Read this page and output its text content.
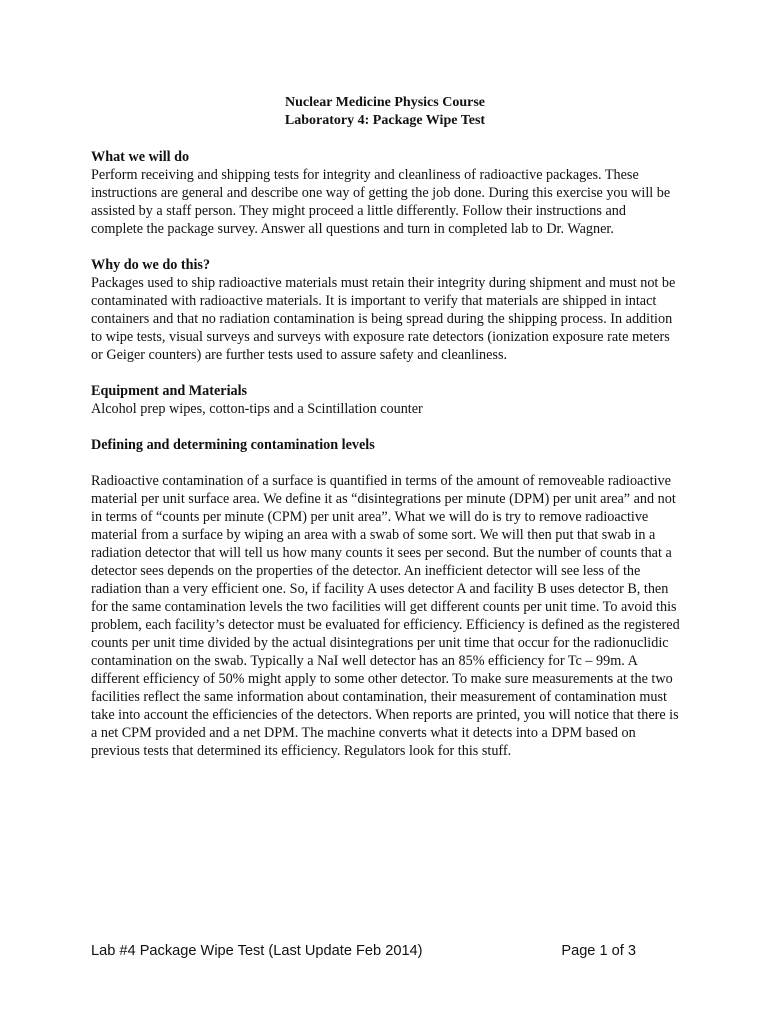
Nuclear Medicine Physics Course
Laboratory 4: Package Wipe Test

What we will do

Perform receiving and shipping tests for integrity and cleanliness of radioactive packages. These instructions are general and describe one way of getting the job done. During this exercise you will be assisted by a staff person. They might proceed a little differently. Follow their instructions and complete the package survey. Answer all questions and turn in completed lab to Dr. Wagner.

Why do we do this?

Packages used to ship radioactive materials must retain their integrity during shipment and must not be contaminated with radioactive materials. It is important to verify that materials are shipped in intact containers and that no radiation contamination is being spread during the shipping process. In addition to wipe tests, visual surveys and surveys with exposure rate detectors (ionization exposure rate meters or Geiger counters) are further tests used to assure safety and cleanliness.

Equipment and Materials

Alcohol prep wipes, cotton-tips and a Scintillation counter

Defining and determining contamination levels

Radioactive contamination of a surface is quantified in terms of the amount of removeable radioactive material per unit surface area. We define it as “disintegrations per minute (DPM) per unit area” and not in terms of “counts per minute (CPM) per unit area”. What we will do is try to remove radioactive material from a surface by wiping an area with a swab of some sort. We will then put that swab in a radiation detector that will tell us how many counts it sees per second. But the number of counts that a detector sees depends on the properties of the detector. An inefficient detector will see less of the radiation than a very efficient one. So, if facility A uses detector A and facility B uses detector B, then for the same contamination levels the two facilities will get different counts per unit time. To avoid this problem, each facility’s detector must be evaluated for efficiency. Efficiency is defined as the registered counts per unit time divided by the actual disintegrations per unit time that occur for the radionuclidic contamination on the swab. Typically a NaI well detector has an 85% efficiency for Tc – 99m. A different efficiency of 50% might apply to some other detector. To make sure measurements at the two facilities reflect the same information about contamination, their measurement of contamination must take into account the efficiencies of the detectors. When reports are printed, you will notice that there is a net CPM provided and a net DPM. The machine converts what it detects into a DPM based on previous tests that determined its efficiency. Regulators look for this stuff.

Lab #4 Package Wipe Test (Last Update Feb 2014)	Page 1 of 3
